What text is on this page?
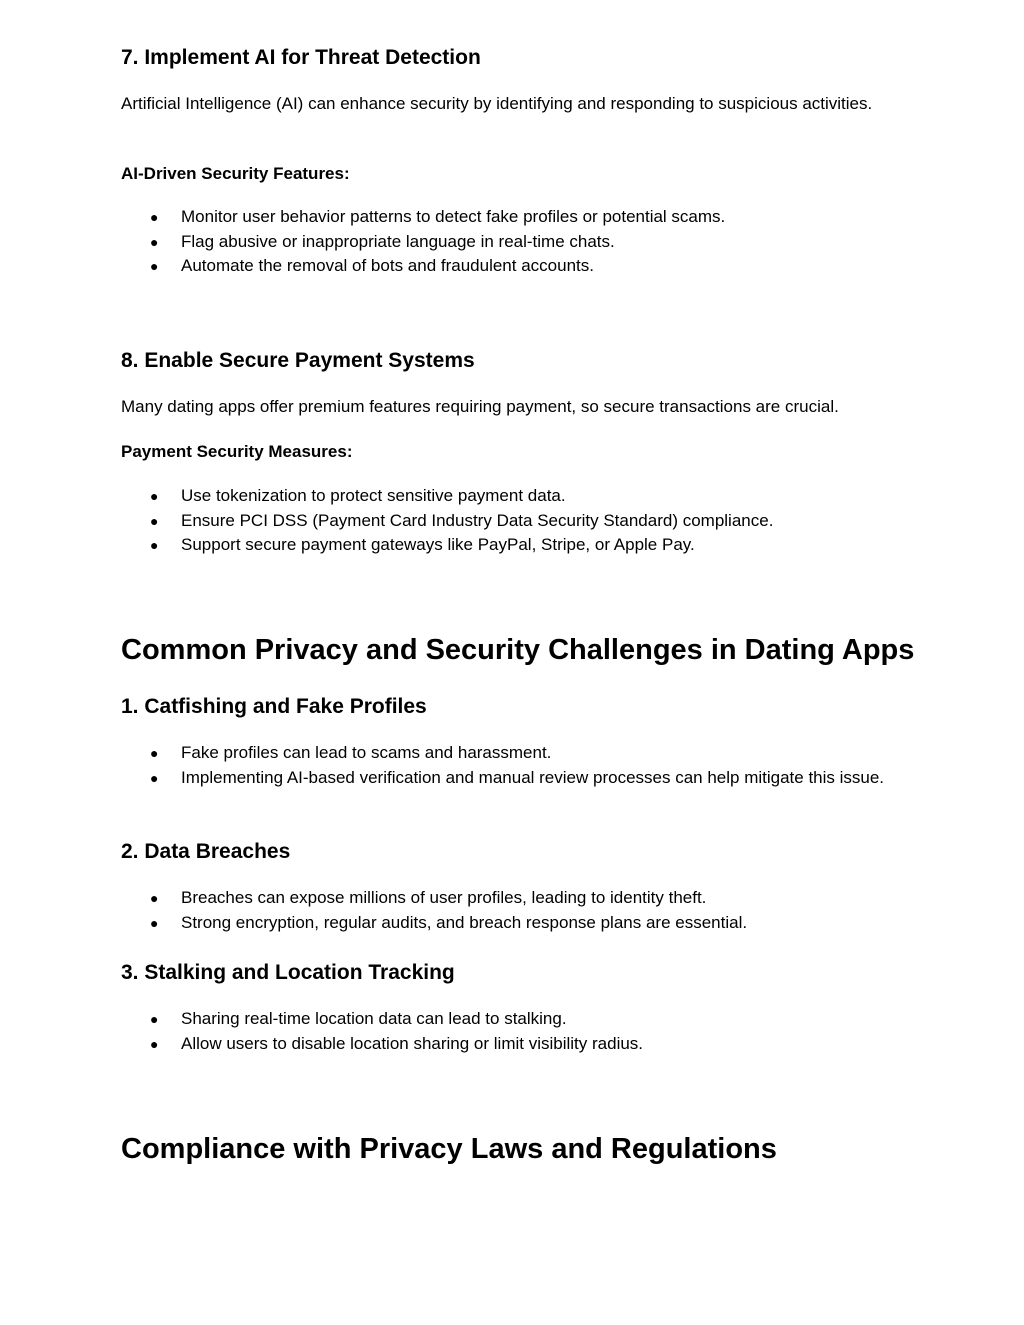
7. Implement AI for Threat Detection

Artificial Intelligence (AI) can enhance security by identifying and responding to suspicious activities.

AI-Driven Security Features:

● Monitor user behavior patterns to detect fake profiles or potential scams.
● Flag abusive or inappropriate language in real-time chats.
● Automate the removal of bots and fraudulent accounts.
8. Enable Secure Payment Systems

Many dating apps offer premium features requiring payment, so secure transactions are crucial.

Payment Security Measures:

● Use tokenization to protect sensitive payment data.
● Ensure PCI DSS (Payment Card Industry Data Security Standard) compliance.
● Support secure payment gateways like PayPal, Stripe, or Apple Pay.
Common Privacy and Security Challenges in Dating Apps
1. Catfishing and Fake Profiles
● Fake profiles can lead to scams and harassment.
● Implementing AI-based verification and manual review processes can help mitigate this issue.
2. Data Breaches
● Breaches can expose millions of user profiles, leading to identity theft.
● Strong encryption, regular audits, and breach response plans are essential.
3. Stalking and Location Tracking
● Sharing real-time location data can lead to stalking.
● Allow users to disable location sharing or limit visibility radius.
Compliance with Privacy Laws and Regulations
